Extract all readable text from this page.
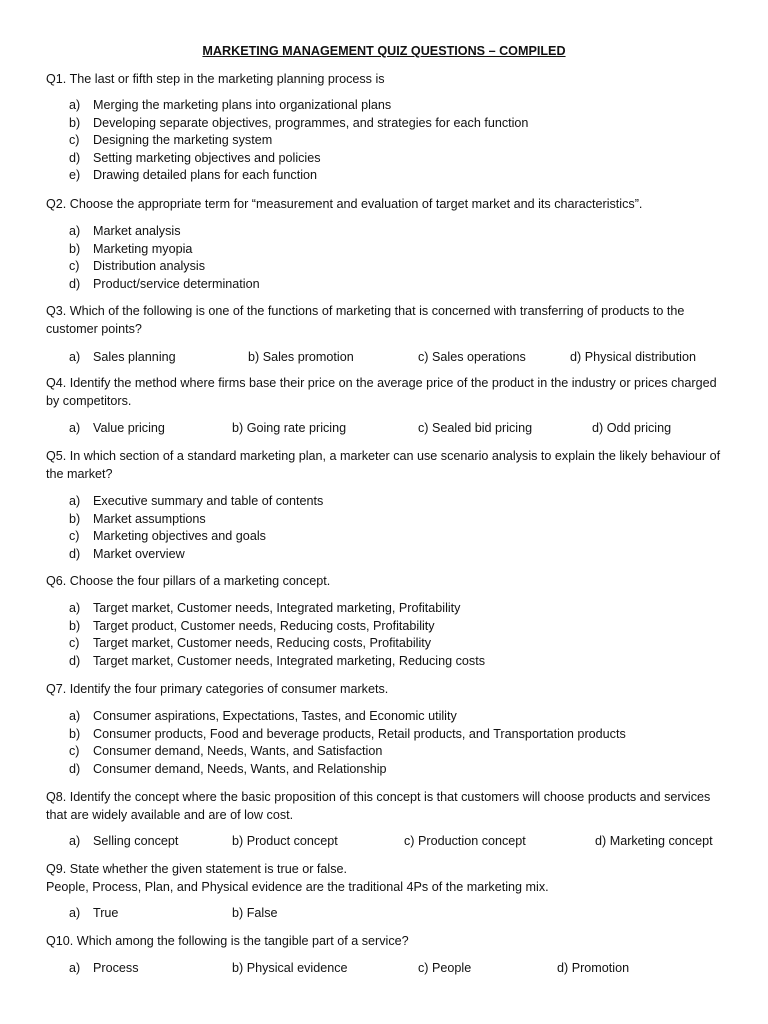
MARKETING MANAGEMENT QUIZ QUESTIONS – COMPILED
Q1. The last or fifth step in the marketing planning process is
a)	Merging the marketing plans into organizational plans
b)	Developing separate objectives, programmes, and strategies for each function
c)	Designing the marketing system
d)	Setting marketing objectives and policies
e)	Drawing detailed plans for each function
Q2. Choose the appropriate term for “measurement and evaluation of target market and its characteristics”.
a)	Market analysis
b)	Marketing myopia
c)	Distribution analysis
d)	Product/service determination
Q3. Which of the following is one of the functions of marketing that is concerned with transferring of products to the customer points?
a) Sales planning	b) Sales promotion	c) Sales operations	d) Physical distribution
Q4. Identify the method where firms base their price on the average price of the product in the industry or prices charged by competitors.
a) Value pricing	b) Going rate pricing	c) Sealed bid pricing	d) Odd pricing
Q5. In which section of a standard marketing plan, a marketer can use scenario analysis to explain the likely behaviour of the market?
a)	Executive summary and table of contents
b)	Market assumptions
c)	Marketing objectives and goals
d)	Market overview
Q6. Choose the four pillars of a marketing concept.
a)	Target market, Customer needs, Integrated marketing, Profitability
b)	Target product, Customer needs, Reducing costs, Profitability
c)	Target market, Customer needs, Reducing costs, Profitability
d)	Target market, Customer needs, Integrated marketing, Reducing costs
Q7. Identify the four primary categories of consumer markets.
a)	Consumer aspirations, Expectations, Tastes, and Economic utility
b)	Consumer products, Food and beverage products, Retail products, and Transportation products
c)	Consumer demand, Needs, Wants, and Satisfaction
d)	Consumer demand, Needs, Wants, and Relationship
Q8. Identify the concept where the basic proposition of this concept is that customers will choose products and services that are widely available and are of low cost.
a) Selling concept	b) Product concept	c) Production concept	d) Marketing concept
Q9. State whether the given statement is true or false.
People, Process, Plan, and Physical evidence are the traditional 4Ps of the marketing mix.
a) True	b) False
Q10. Which among the following is the tangible part of a service?
a) Process	b) Physical evidence	c) People	d) Promotion
